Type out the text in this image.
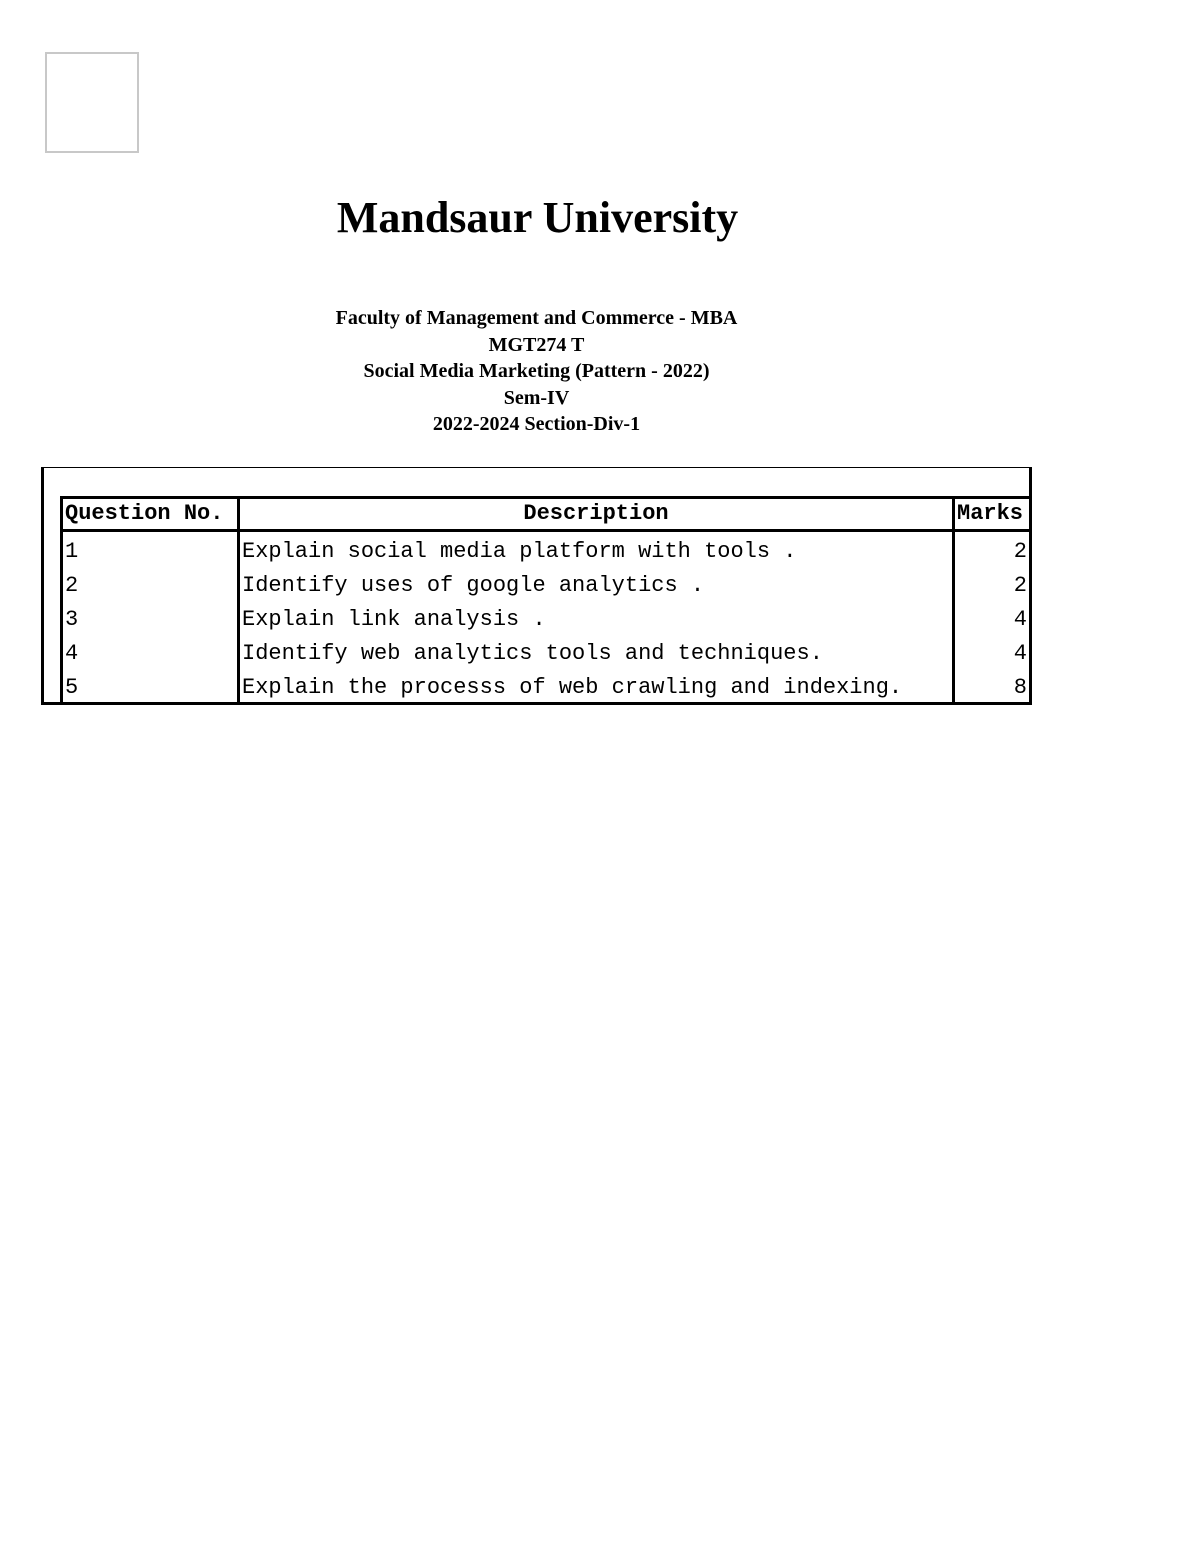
Mandsaur University
Faculty of Management and Commerce - MBA
MGT274 T
Social Media Marketing (Pattern - 2022)
Sem-IV
2022-2024 Section-Div-1
Question No.	Description	Marks

1	Explain social media platform with tools .	2
2	Identify uses of google analytics .	2
3	Explain link analysis .	4
4	Identify web analytics tools and techniques.	4
5	Explain the processs of web crawling and indexing.	8
